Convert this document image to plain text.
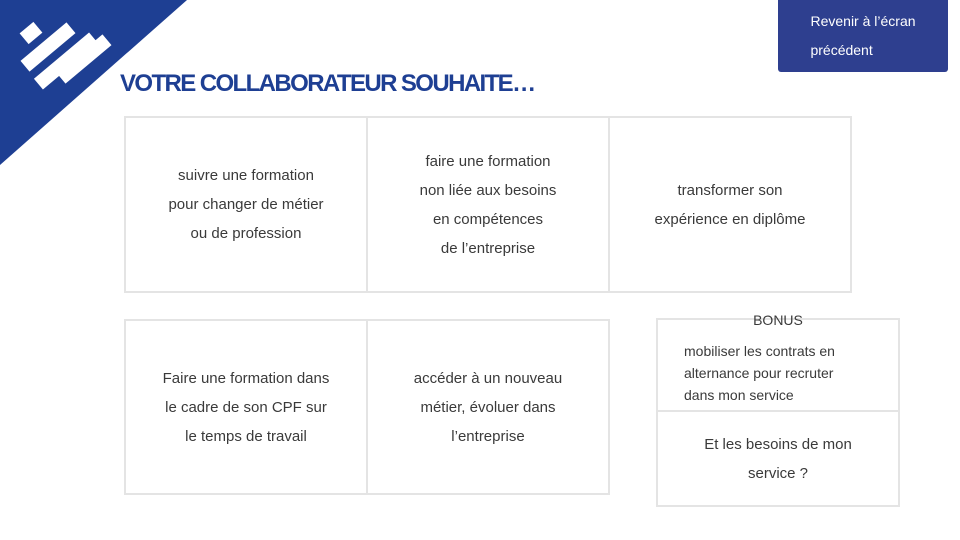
Revenir à l’écran
précédent
VOTRE COLLABORATEUR SOUHAITE…
suivre une formation
pour changer de métier
ou de profession
faire une formation
non liée aux besoins
en compétences
de l’entreprise
transformer son
expérience en diplôme
Faire une formation dans
le cadre de son CPF sur
le temps de travail
accéder à un nouveau
métier, évoluer dans
l’entreprise
BONUS
mobiliser les contrats en
alternance pour recruter
dans mon service
Et les besoins de mon
service ?
